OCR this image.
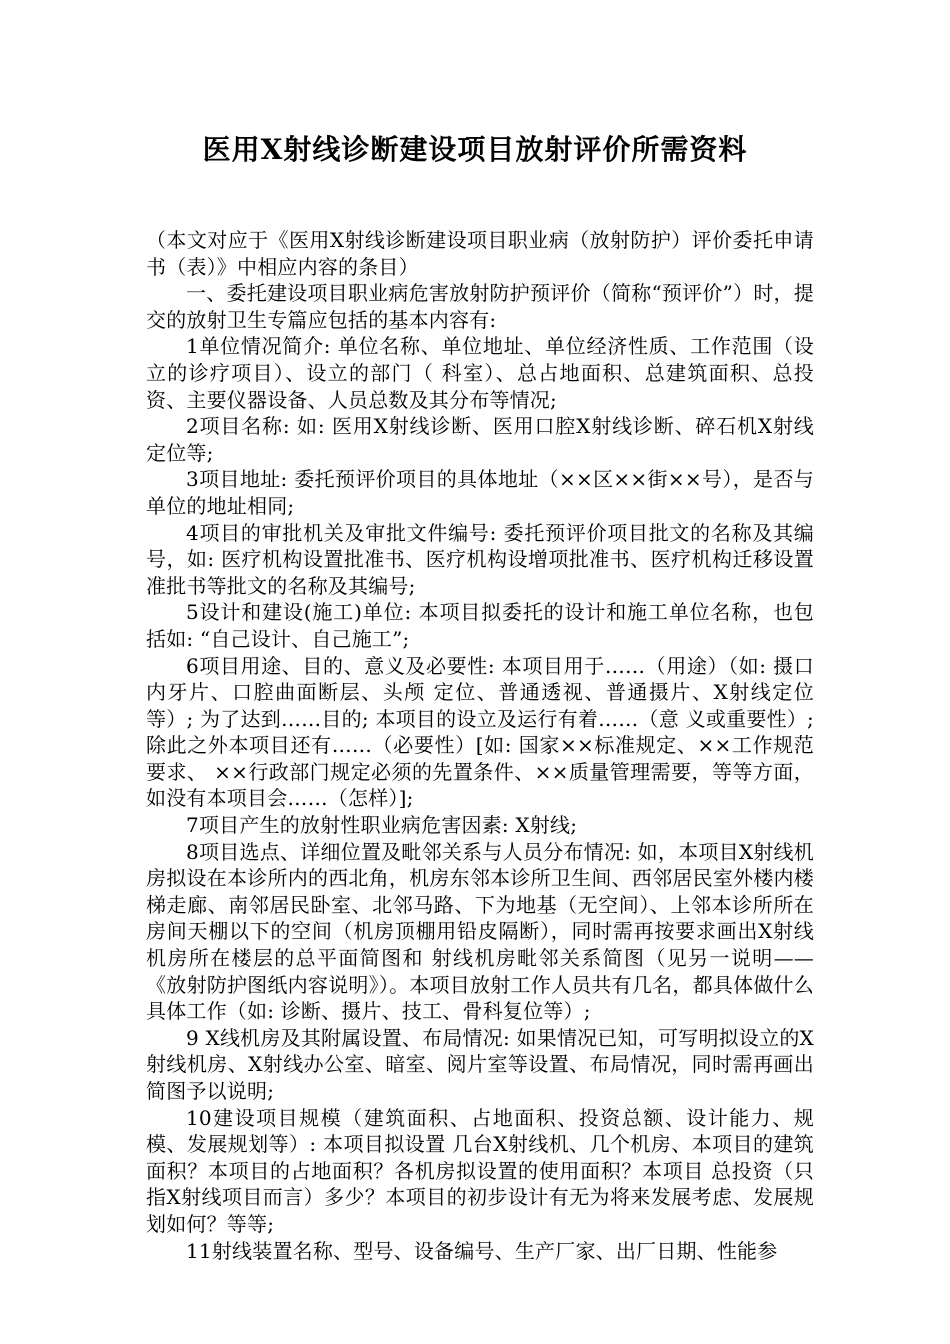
医用X射线诊断建设项目放射评价所需资料

（本文对应于《医用X射线诊断建设项目职业病（放射防护）评价委托申请书（表）》中相应内容的条目）

一、委托建设项目职业病危害放射防护预评价（简称“预评价”）时，提交的放射卫生专篇应包括的基本内容有:

1单位情况简介: 单位名称、单位地址、单位经济性质、工作范围（设立的诊疗项目）、设立的部门（ 科室）、总占地面积、总建筑面积、总投资、主要仪器设备、人员总数及其分布等情况;

2项目名称: 如: 医用X射线诊断、医用口腔X射线诊断、碎石机X射线定位等;

3项目地址: 委托预评价项目的具体地址（××区××街××号），是否与单位的地址相同;

4项目的审批机关及审批文件编号: 委托预评价项目批文的名称及其编号，如: 医疗机构设置批准书、医疗机构设增项批准书、医疗机构迁移设置准批书等批文的名称及其编号;

5设计和建设(施工)单位: 本项目拟委托的设计和施工单位名称，也包括如: “自己设计、自己施工”;

6项目用途、目的、意义及必要性: 本项目用于……（用途）（如: 摄口内牙片、口腔曲面断层、头颅 定位、普通透视、普通摄片、X射线定位等）; 为了达到……目的; 本项目的设立及运行有着……（意 义或重要性）; 除此之外本项目还有……（必要性）[如: 国家××标准规定、××工作规范要求、 ××行政部门规定必须的先置条件、××质量管理需要，等等方面，如没有本项目会……（怎样）];

7项目产生的放射性职业病危害因素: X射线;

8项目选点、详细位置及毗邻关系与人员分布情况: 如，本项目X射线机房拟设在本诊所内的西北角，机房东邻本诊所卫生间、西邻居民室外楼内楼梯走廊、南邻居民卧室、北邻马路、下为地基（无空间）、上邻本诊所所在房间天棚以下的空间（机房顶棚用铅皮隔断），同时需再按要求画出X射线机房所在楼层的总平面简图和 射线机房毗邻关系简图（见另一说明——《放射防护图纸内容说明》）。本项目放射工作人员共有几名，都具体做什么具体工作（如: 诊断、摄片、技工、骨科复位等）;

9 X线机房及其附属设置、布局情况: 如果情况已知，可写明拟设立的X射线机房、X射线办公室、暗室、阅片室等设置、布局情况，同时需再画出简图予以说明;

10建设项目规模（建筑面积、占地面积、投资总额、设计能力、规模、发展规划等）: 本项目拟设置 几台X射线机、几个机房、本项目的建筑面积？本项目的占地面积？各机房拟设置的使用面积？本项目 总投资（只指X射线项目而言）多少？本项目的初步设计有无为将来发展考虑、发展规划如何？等等;

11射线装置名称、型号、设备编号、生产厂家、出厂日期、性能参
